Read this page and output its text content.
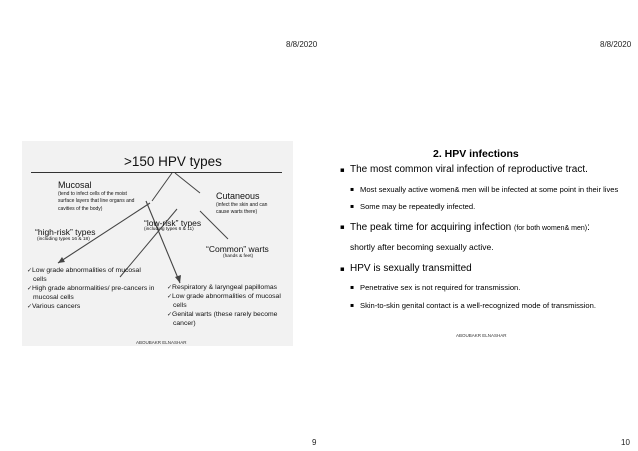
8/8/2020	8/8/2020
>150 HPV types
Mucosal
(tend to infect cells of the moist surface layers that line organs and cavities of the body)
Cutaneous
(infect the skin and can cause warts there)
“low-risk” types
(including types 6 & 11)
“high-risk” types
(including types 16 & 18)
“Common” warts
(hands & feet)
✓Low grade abnormalities of mucosal cells
✓High grade abnormalities/ pre-cancers in mucosal cells
✓Various cancers
✓Respiratory & laryngeal papillomas
✓Low grade abnormalities of mucosal cells
✓Genital warts (these rarely become cancer)
ABOUBAKR ELNASHAR
2. HPV infections
▪ The most common viral infection of reproductive tract.
▪ Most sexually active women& men will be infected at some point in their lives
▪ Some may be repeatedly infected.
▪ The peak time for acquiring infection (for both women& men):
shortly after becoming sexually active.
▪ HPV is sexually transmitted
▪ Penetrative sex is not required for transmission.
▪ Skin-to-skin genital contact is a well-recognized mode of transmission.
ABOUBAKR ELNASHAR
9	10
